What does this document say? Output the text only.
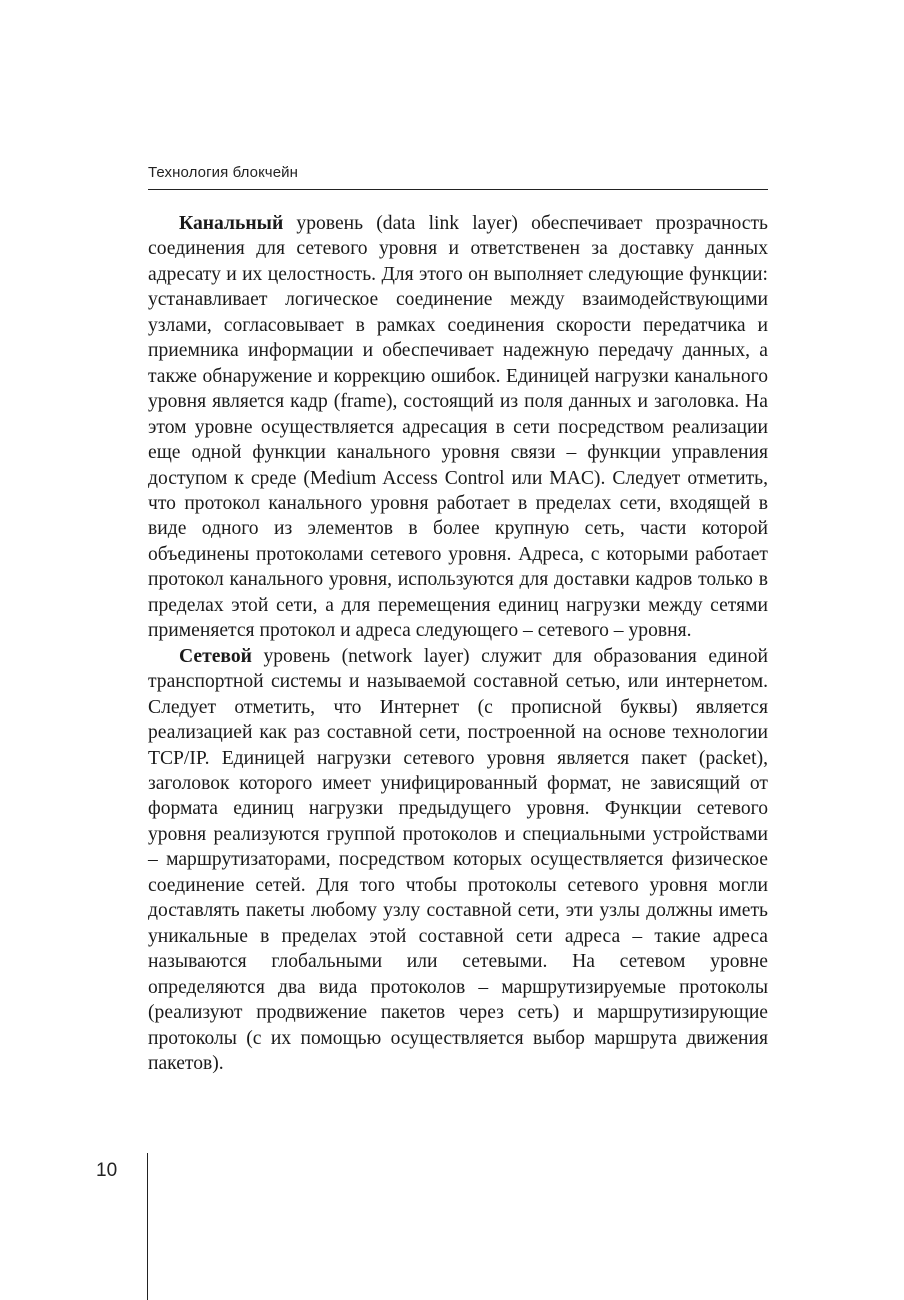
Технология блокчейн

Канальный уровень (data link layer) обеспечивает прозрачность соединения для сетевого уровня и ответственен за доставку данных адресату и их целостность. Для этого он выполняет следующие функции: устанавливает логическое соединение между взаимодействующими узлами, согласовывает в рамках соединения скорости передатчика и приемника информации и обеспечивает надежную передачу данных, а также обнаружение и коррекцию ошибок. Единицей нагрузки канального уровня является кадр (frame), состоящий из поля данных и заголовка. На этом уровне осуществляется адресация в сети посредством реализации еще одной функции канального уровня связи – функции управления доступом к среде (Medium Access Control или MAC). Следует отметить, что протокол канального уровня работает в пределах сети, входящей в виде одного из элементов в более крупную сеть, части которой объединены протоколами сетевого уровня. Адреса, с которыми работает протокол канального уровня, используются для доставки кадров только в пределах этой сети, а для перемещения единиц нагрузки между сетями применяется протокол и адреса следующего – сетевого – уровня.

Сетевой уровень (network layer) служит для образования единой транспортной системы и называемой составной сетью, или интернетом. Следует отметить, что Интернет (с прописной буквы) является реализацией как раз составной сети, построенной на основе технологии TCP/IP. Единицей нагрузки сетевого уровня является пакет (packet), заголовок которого имеет унифицированный формат, не зависящий от формата единиц нагрузки предыдущего уровня. Функции сетевого уровня реализуются группой протоколов и специальными устройствами – маршрутизаторами, посредством которых осуществляется физическое соединение сетей. Для того чтобы протоколы сетевого уровня могли доставлять пакеты любому узлу составной сети, эти узлы должны иметь уникальные в пределах этой составной сети адреса – такие адреса называются глобальными или сетевыми. На сетевом уровне определяются два вида протоколов – маршрутизируемые протоколы (реализуют продвижение пакетов через сеть) и маршрутизирующие протоколы (с их помощью осуществляется выбор маршрута движения пакетов).

10
